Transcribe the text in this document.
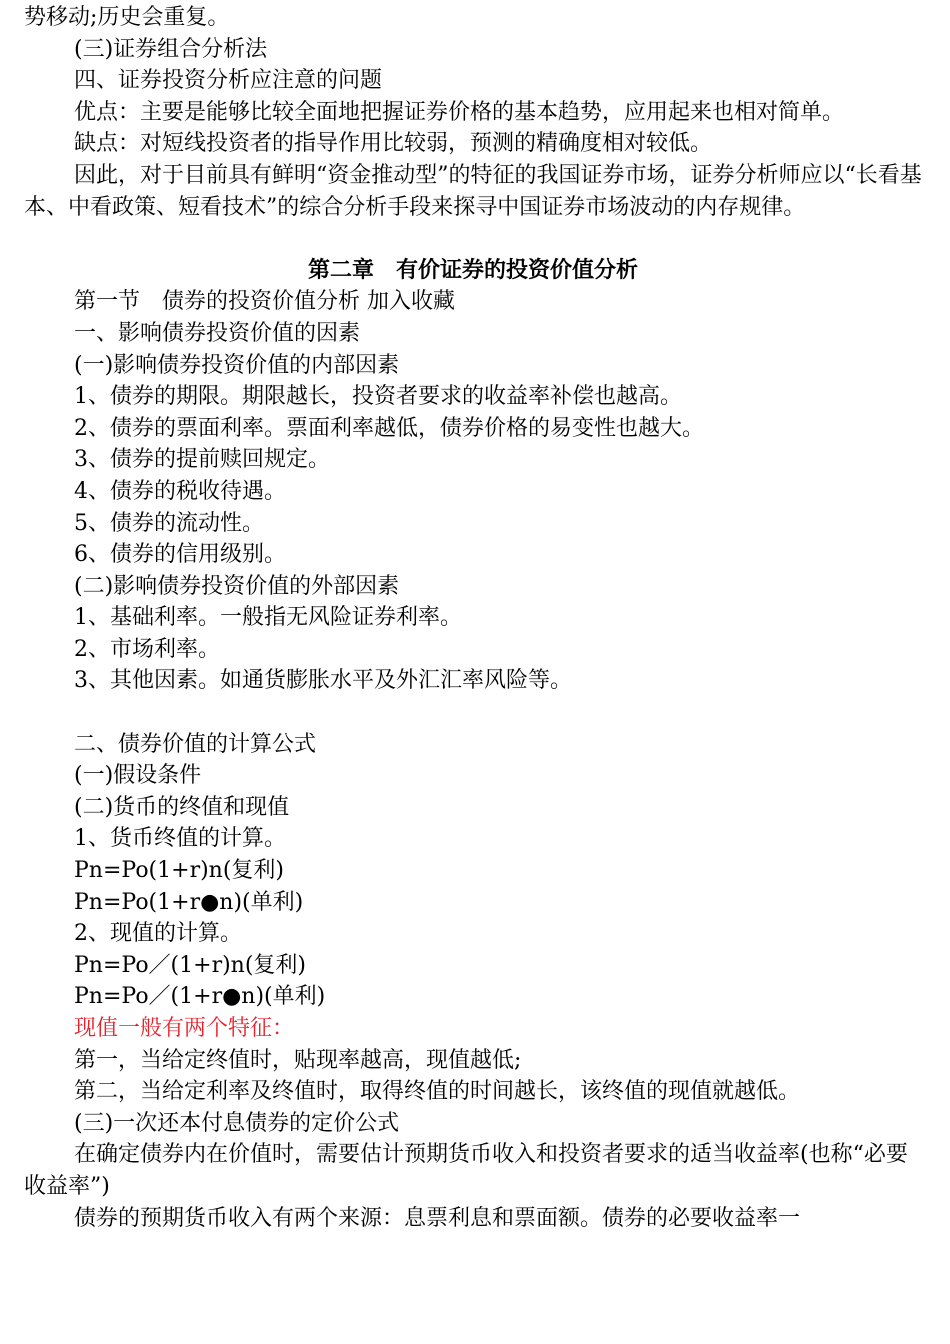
势移动;历史会重复。

(三)证券组合分析法

四、证券投资分析应注意的问题

优点：主要是能够比较全面地把握证券价格的基本趋势，应用起来也相对简单。

缺点：对短线投资者的指导作用比较弱，预测的精确度相对较低。

因此，对于目前具有鲜明“资金推动型”的特征的我国证券市场，证券分析师应以“长看基本、中看政策、短看技术”的综合分析手段来探寻中国证券市场波动的内存规律。

第二章　有价证券的投资价值分析

第一节　债券的投资价值分析 加入收藏

一、影响债券投资价值的因素

(一)影响债券投资价值的内部因素

1、债券的期限。期限越长，投资者要求的收益率补偿也越高。

2、债券的票面利率。票面利率越低，债券价格的易变性也越大。

3、债券的提前赎回规定。

4、债券的税收待遇。

5、债券的流动性。

6、债券的信用级别。

(二)影响债券投资价值的外部因素

1、基础利率。一般指无风险证券利率。

2、市场利率。

3、其他因素。如通货膨胀水平及外汇汇率风险等。

二、债券价值的计算公式

(一)假设条件

(二)货币的终值和现值

1、货币终值的计算。

Pn=Po(1+r)n(复利)

Pn=Po(1+r●n)(单利)

2、现值的计算。

Pn=Po／(1+r)n(复利)

Pn=Po／(1+r●n)(单利)

现值一般有两个特征：

第一，当给定终值时，贴现率越高，现值越低;

第二，当给定利率及终值时，取得终值的时间越长，该终值的现值就越低。

(三)一次还本付息债券的定价公式

在确定债券内在价值时，需要估计预期货币收入和投资者要求的适当收益率(也称“必要收益率”)

债券的预期货币收入有两个来源：息票利息和票面额。债券的必要收益率一
